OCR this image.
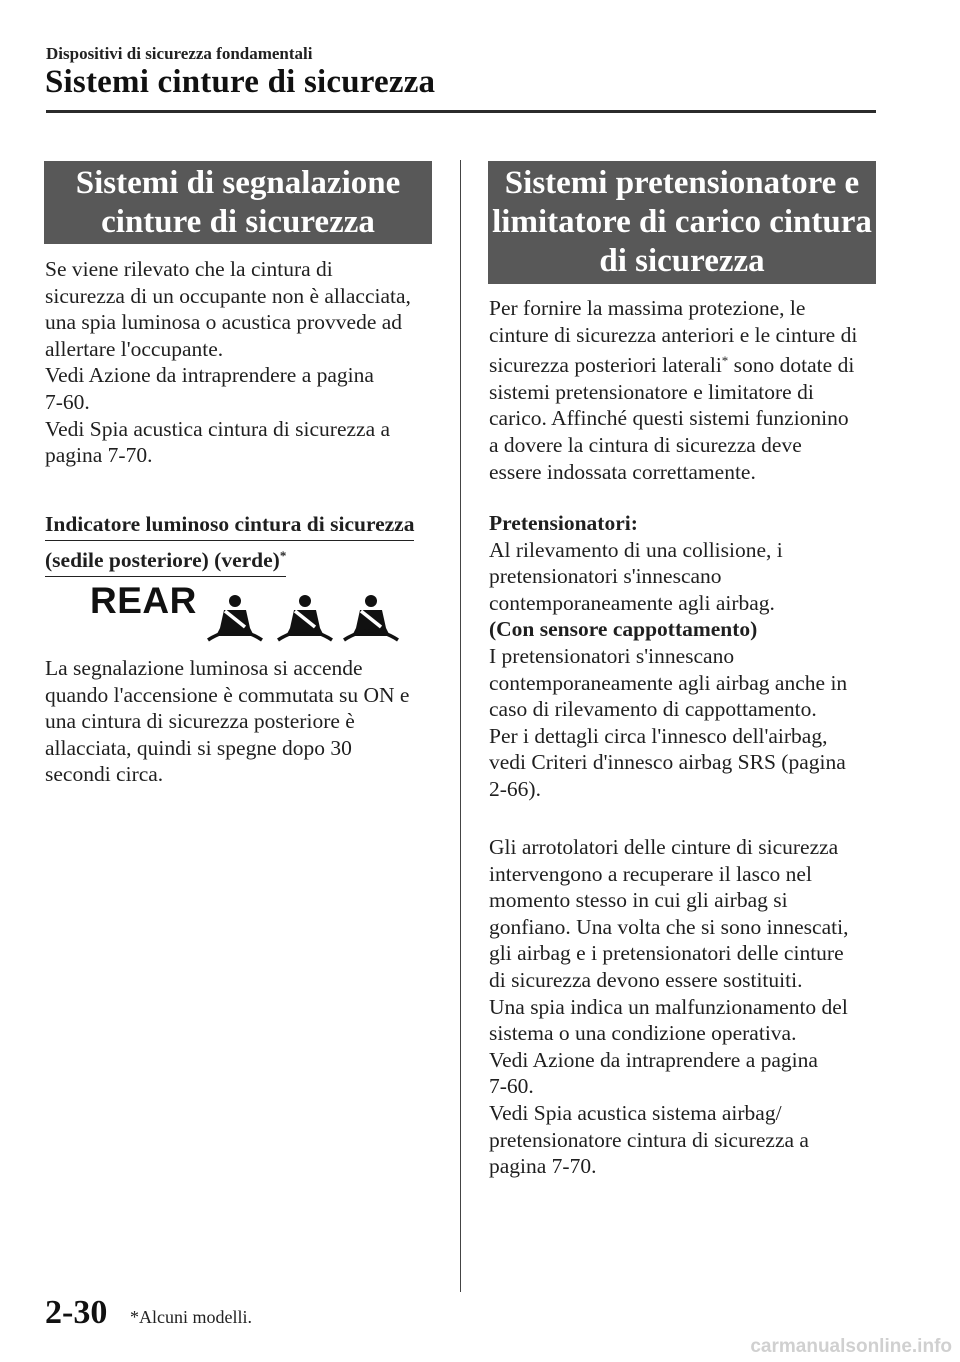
Dispositivi di sicurezza fondamentali
Sistemi cinture di sicurezza
Sistemi di segnalazione
cinture di sicurezza

Se viene rilevato che la cintura di
sicurezza di un occupante non è allacciata,
una spia luminosa o acustica provvede ad
allertare l'occupante.
Vedi Azione da intraprendere a pagina
7-60.
Vedi Spia acustica cintura di sicurezza a
pagina 7-70.

Indicatore luminoso cintura di sicurezza
(sedile posteriore) (verde)*
REAR

La segnalazione luminosa si accende
quando l'accensione è commutata su ON e
una cintura di sicurezza posteriore è
allacciata, quindi si spegne dopo 30
secondi circa.

Sistemi pretensionatore e
limitatore di carico cintura
di sicurezza

Per fornire la massima protezione, le
cinture di sicurezza anteriori e le cinture di
sicurezza posteriori laterali* sono dotate di
sistemi pretensionatore e limitatore di
carico. Affinché questi sistemi funzionino
a dovere la cintura di sicurezza deve
essere indossata correttamente.

Pretensionatori:

Al rilevamento di una collisione, i
pretensionatori s'innescano
contemporaneamente agli airbag.

(Con sensore cappottamento)

I pretensionatori s'innescano
contemporaneamente agli airbag anche in
caso di rilevamento di cappottamento.
Per i dettagli circa l'innesco dell'airbag,
vedi Criteri d'innesco airbag SRS (pagina
2-66).

Gli arrotolatori delle cinture di sicurezza
intervengono a recuperare il lasco nel
momento stesso in cui gli airbag si
gonfiano. Una volta che si sono innescati,
gli airbag e i pretensionatori delle cinture
di sicurezza devono essere sostituiti.
Una spia indica un malfunzionamento del
sistema o una condizione operativa.
Vedi Azione da intraprendere a pagina
7-60.
Vedi Spia acustica sistema airbag/
pretensionatore cintura di sicurezza a
pagina 7-70.

2-30 *Alcuni modelli.
carmanualsonline.info
